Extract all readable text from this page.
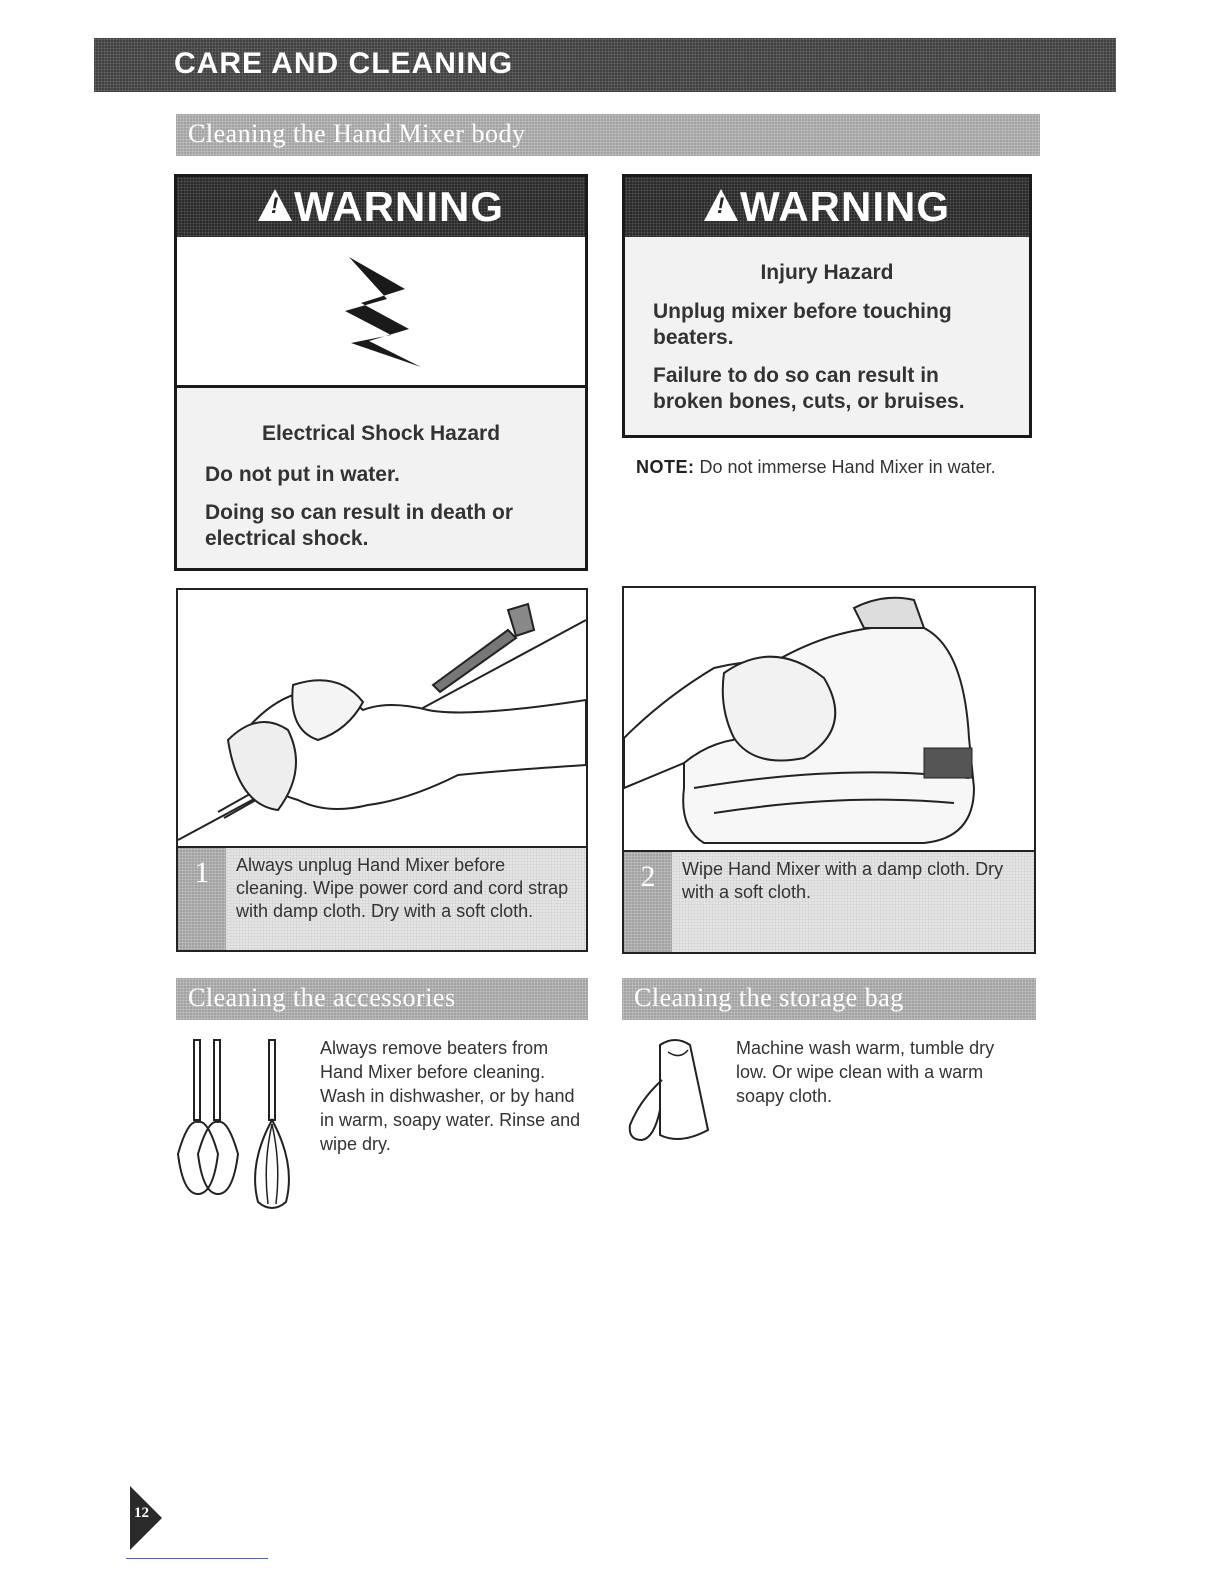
CARE AND CLEANING
Cleaning the Hand Mixer body
!WARNING
Electrical Shock Hazard
Do not put in water.
Doing so can result in death or electrical shock.
!WARNING
Injury Hazard
Unplug mixer before touching beaters.
Failure to do so can result in broken bones, cuts, or bruises.
NOTE: Do not immerse Hand Mixer in water.
1	Always unplug Hand Mixer before cleaning. Wipe power cord and cord strap with damp cloth. Dry with a soft cloth.
2	Wipe Hand Mixer with a damp cloth. Dry with a soft cloth.
Cleaning the accessories
Always remove beaters from Hand Mixer before cleaning. Wash in dishwasher, or by hand in warm, soapy water. Rinse and wipe dry.
Cleaning the storage bag
Machine wash warm, tumble dry low. Or wipe clean with a warm soapy cloth.
12
